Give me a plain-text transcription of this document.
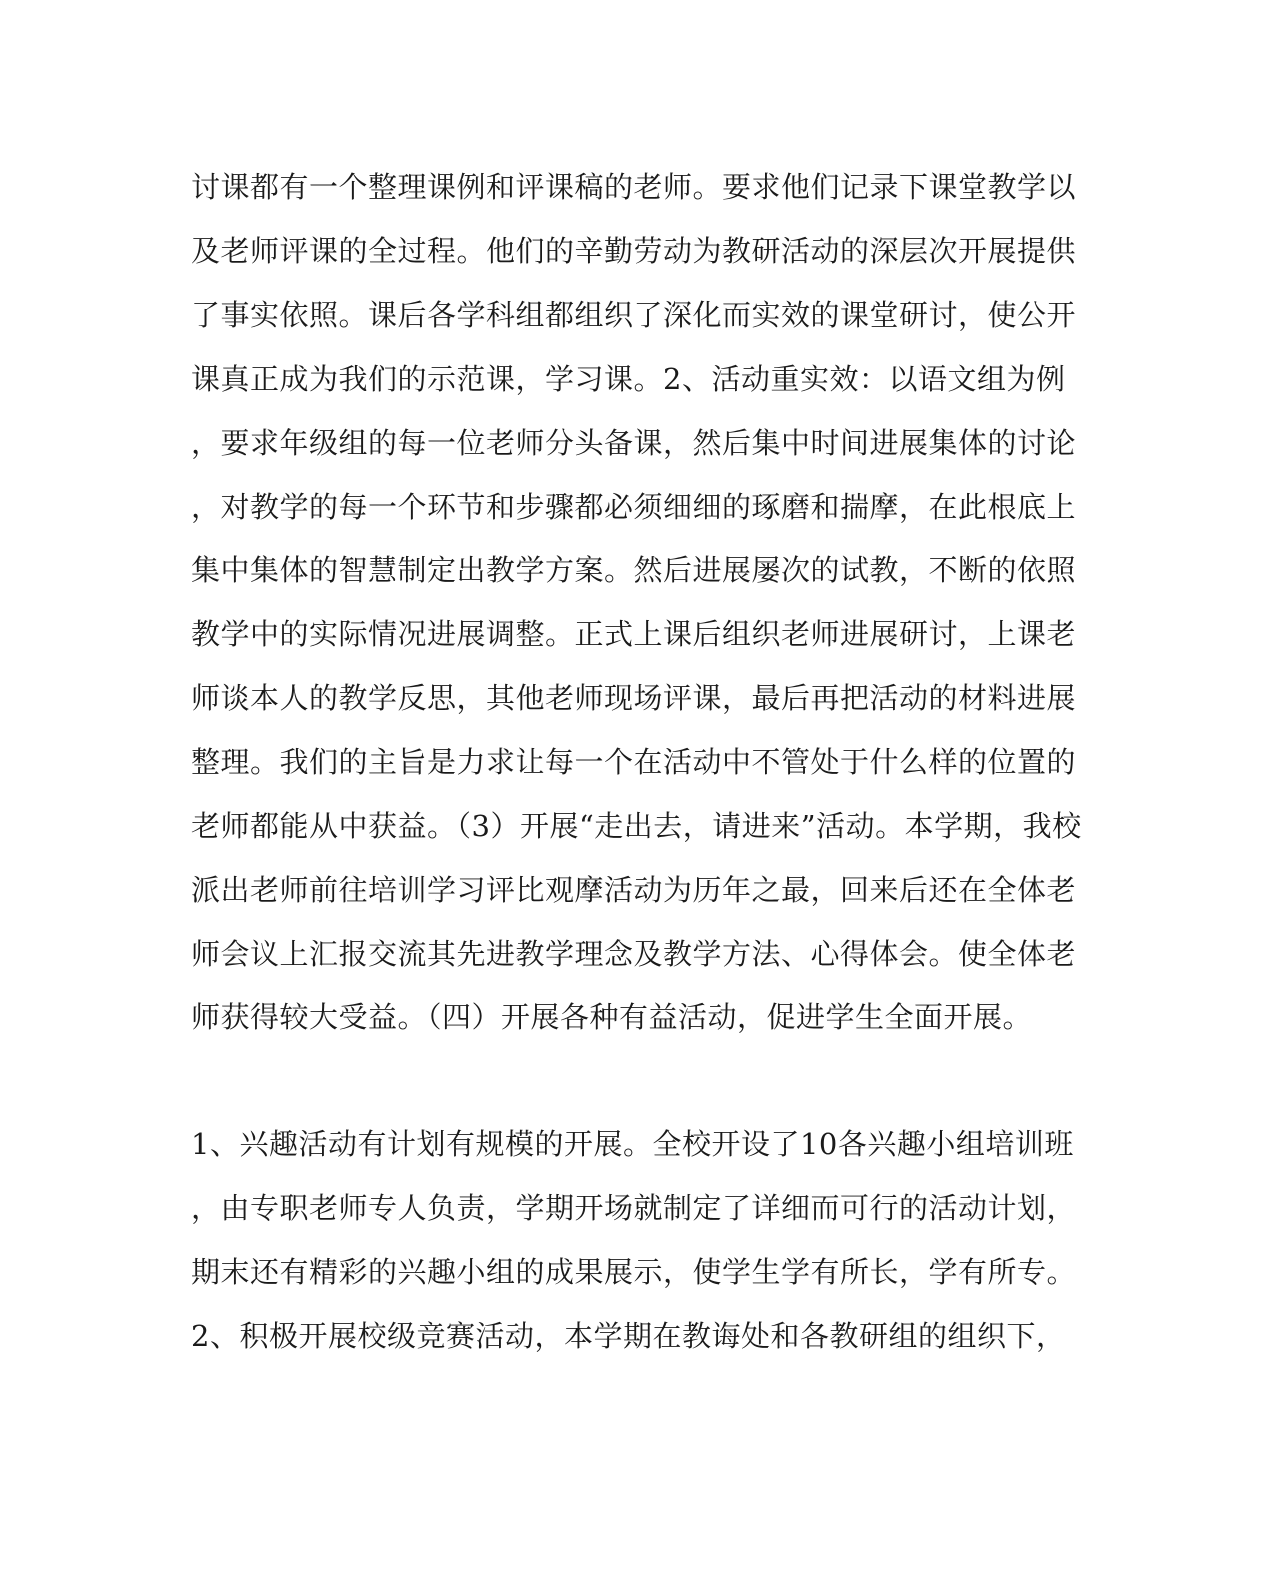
讨课都有一个整理课例和评课稿的老师。要求他们记录下课堂教学以
及老师评课的全过程。他们的辛勤劳动为教研活动的深层次开展提供
了事实依照。课后各学科组都组织了深化而实效的课堂研讨，使公开
课真正成为我们的示范课，学习课。2、活动重实效：以语文组为例
，要求年级组的每一位老师分头备课，然后集中时间进展集体的讨论
，对教学的每一个环节和步骤都必须细细的琢磨和揣摩，在此根底上
集中集体的智慧制定出教学方案。然后进展屡次的试教，不断的依照
教学中的实际情况进展调整。正式上课后组织老师进展研讨，上课老
师谈本人的教学反思，其他老师现场评课，最后再把活动的材料进展
整理。我们的主旨是力求让每一个在活动中不管处于什么样的位置的
老师都能从中获益。（3）开展“走出去，请进来”活动。本学期，我校
派出老师前往培训学习评比观摩活动为历年之最，回来后还在全体老
师会议上汇报交流其先进教学理念及教学方法、心得体会。使全体老
师获得较大受益。（四）开展各种有益活动，促进学生全面开展。
1、兴趣活动有计划有规模的开展。全校开设了10各兴趣小组培训班
，由专职老师专人负责，学期开场就制定了详细而可行的活动计划，
期末还有精彩的兴趣小组的成果展示，使学生学有所长，学有所专。
2、积极开展校级竞赛活动，本学期在教诲处和各教研组的组织下，
